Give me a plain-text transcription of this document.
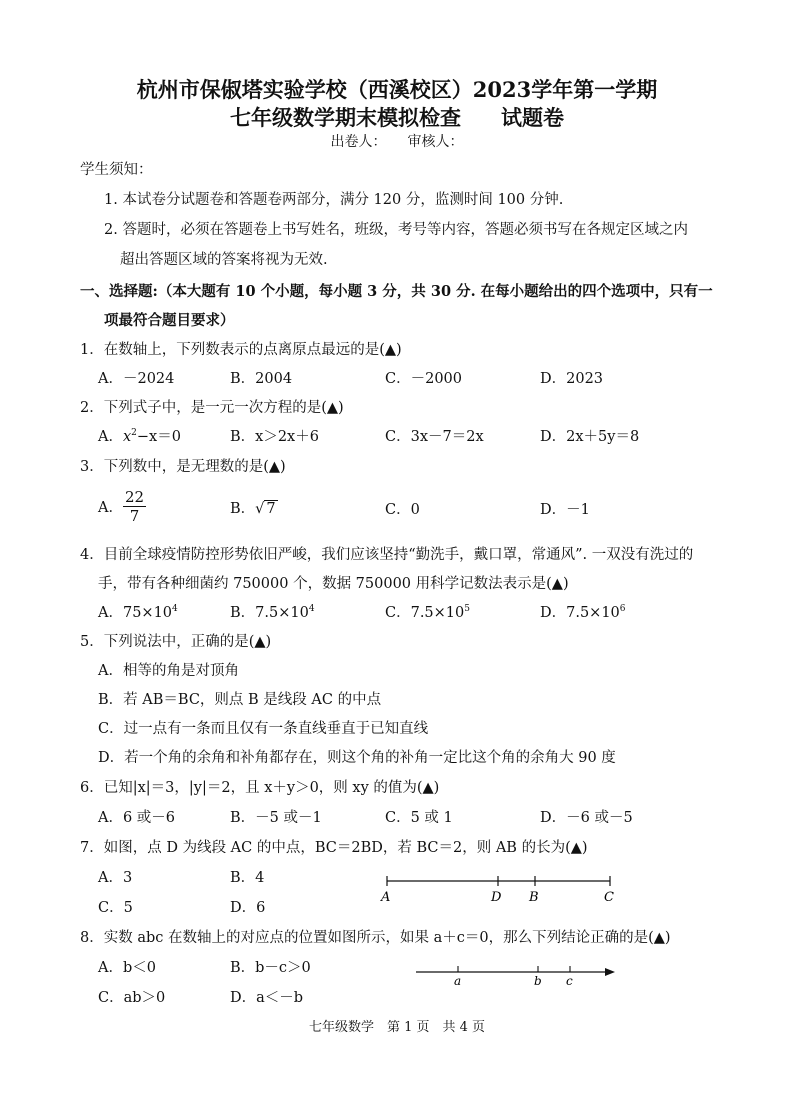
杭州市保俶塔实验学校（西溪校区）2023学年第一学期
七年级数学期末模拟检查 试题卷
出卷人：　　审核人：
学生须知：
1. 本试卷分试题卷和答题卷两部分，满分 120 分，监测时间 100 分钟.
2. 答题时，必须在答题卷上书写姓名，班级，考号等内容，答题必须书写在各规定区域之内
超出答题区域的答案将视为无效.
一、选择题:（本大题有 10 个小题，每小题 3 分，共 30 分. 在每小题给出的四个选项中，只有一
项最符合题目要求）
1．在数轴上，下列数表示的点离原点最远的是(▲)
A．－2024	B．2004	C．－2000	D．2023
2．下列式子中，是一元一次方程的是(▲)
A．$x^2-x=0$	B．x＞2x＋6	C．3x－7＝2x	D．2x＋5y＝8
3．下列数中，是无理数的是(▲)
A． $\frac{22}{7}$	B．√ 7	C．0	D．－1
4．目前全球疫情防控形势依旧严峻，我们应该坚持“勤洗手，戴口罩，常通风”. 一双没有洗过的
手，带有各种细菌约 750000 个，数据 750000 用科学记数法表示是(▲)
A．$75\times 10^4$	B．$7.5\times 10^4$	C．$7.5\times 10^5$	D．$7.5\times 10^6$
5．下列说法中，正确的是(▲)
A．相等的角是对顶角
B．若 AB＝BC，则点 B 是线段 AC 的中点
C．过一点有一条而且仅有一条直线垂直于已知直线
D．若一个角的余角和补角都存在，则这个角的补角一定比这个角的余角大 90 度
6．已知|x|＝3，|y|＝2，且 x＋y＞0，则 xy 的值为(▲)
A．6 或－6	B．－5 或－1	C．5 或 1	D．－6 或－5
7．如图，点 D 为线段 AC 的中点，BC＝2BD，若 BC＝2，则 AB 的长为(▲)
A．3	B．4
C．5	D．6
A	D B	C
8．实数 abc 在数轴上的对应点的位置如图所示，如果 a＋c＝0，那么下列结论正确的是(▲)
A．b＜0	B．b－c＞0
C．ab＞0	D．a＜－b
a	b c
七年级数学　第 1 页　共 4 页
